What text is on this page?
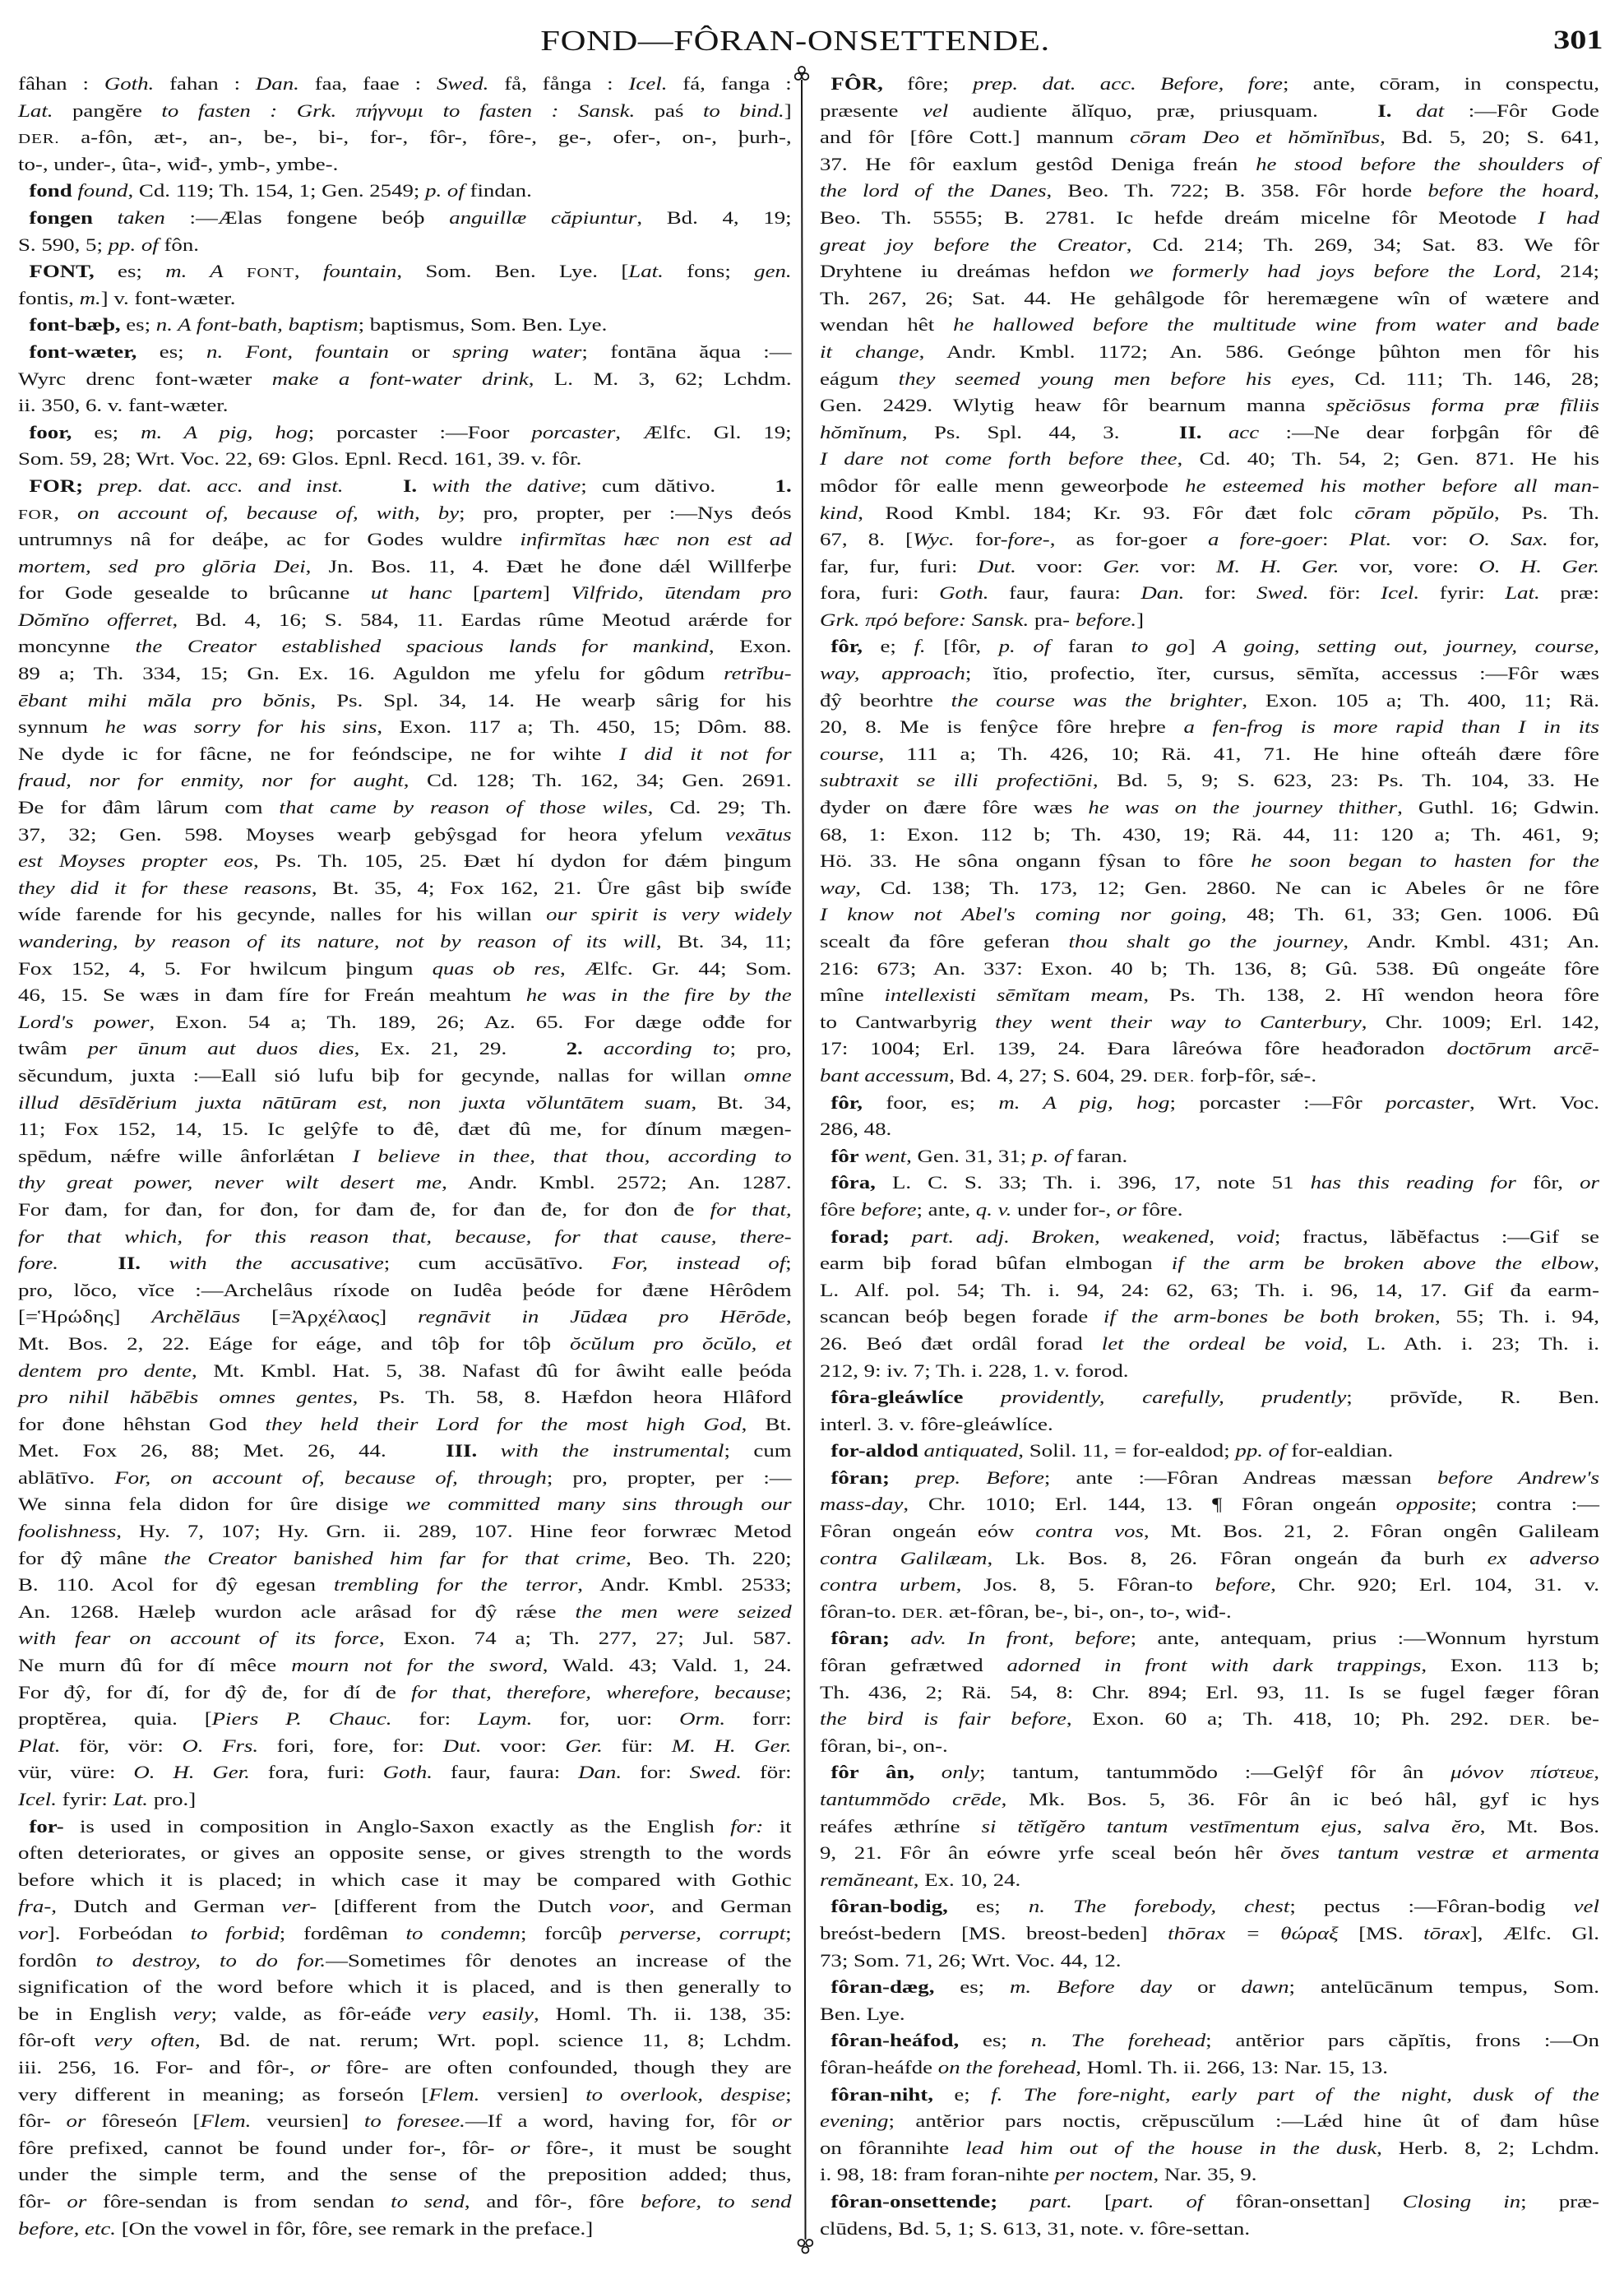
FOND—FÔRAN-ONSETTENDE.	301
fâhan : Goth. fahan : Dan. faa, faae : Swed. få, fånga : Icel. fá, fanga :
Lat. pangĕre to fasten : Grk. πήγνυμι to fasten : Sansk. paś to bind.]
DER. a-fôn, æt-, an-, be-, bi-, for-, fôr-, fôre-, ge-, ofer-, on-, þurh-,
to-, under-, ûta-, wiđ-, ymb-, ymbe-.
fond found, Cd. 119; Th. 154, 1; Gen. 2549; p. of findan.
fongen taken :—Ælas fongene beóþ anguillæ căpiuntur, Bd. 4, 19;
S. 590, 5; pp. of fôn.
FONT, es; m. A FONT, fountain, Som. Ben. Lye. [Lat. fons; gen.
fontis, m.] v. font-wæter.
font-bæþ, es; n. A font-bath, baptism; baptismus, Som. Ben. Lye.
font-wæter, es; n. Font, fountain or spring water; fontāna ăqua :—
Wyrc drenc font-wæter make a font-water drink, L. M. 3, 62; Lchdm.
ii. 350, 6. v. fant-wæter.
foor, es; m. A pig, hog; porcaster :—Foor porcaster, Ælfc. Gl. 19;
Som. 59, 28; Wrt. Voc. 22, 69: Glos. Epnl. Recd. 161, 39. v. fôr.
FOR; prep. dat. acc. and inst.	I. with the dative; cum dătivo.	1.
FOR, on account of, because of, with, by; pro, propter, per :—Nys đeós
untrumnys nâ for deáþe, ac for Godes wuldre infirmĭtas hæc non est ad
mortem, sed pro glōria Dei, Jn. Bos. 11, 4. Đæt he đone dǽl Willferþe
for Gode gesealde to brûcanne ut hanc [partem] Vilfrido, ūtendam pro
Dŏmĭno offerret, Bd. 4, 16; S. 584, 11. Eardas rûme Meotud arǽrde for
moncynne the Creator established spacious lands for mankind, Exon.
89 a; Th. 334, 15; Gn. Ex. 16. Aguldon me yfelu for gôdum retrĭbu-
ēbant mihi măla pro bŏnis, Ps. Spl. 34, 14. He wearþ sârig for his
synnum he was sorry for his sins, Exon. 117 a; Th. 450, 15; Dôm. 88.
Ne dyde ic for fâcne, ne for feóndscipe, ne for wihte I did it not for
fraud, nor for enmity, nor for aught, Cd. 128; Th. 162, 34; Gen. 2691.
Đe for đâm lârum com that came by reason of those wiles, Cd. 29; Th.
37, 32; Gen. 598. Moyses wearþ gebŷsgad for heora yfelum vexātus
est Moyses propter eos, Ps. Th. 105, 25. Đæt hí dydon for đǽm þingum
they did it for these reasons, Bt. 35, 4; Fox 162, 21. Ûre gâst biþ swíđe
wíde farende for his gecynde, nalles for his willan our spirit is very widely
wandering, by reason of its nature, not by reason of its will, Bt. 34, 11;
Fox 152, 4, 5. For hwilcum þingum quas ob res, Ælfc. Gr. 44; Som.
46, 15. Se wæs in đam fíre for Freán meahtum he was in the fire by the
Lord's power, Exon. 54 a; Th. 189, 26; Az. 65. For dæge ođđe for
twâm per ūnum aut duos dies, Ex. 21, 29.	2. according to; pro,
sĕcundum, juxta :—Eall sió lufu biþ for gecynde, nallas for willan omne
illud dēsīdĕrium juxta nātūram est, non juxta vŏluntātem suam, Bt. 34,
11; Fox 152, 14, 15. Ic gelŷfe to đê, đæt đû me, for đínum mægen-
spēdum, nǽfre wille ânforlǽtan I believe in thee, that thou, according to
thy great power, never wilt desert me, Andr. Kmbl. 2572; An. 1287.
For đam, for đan, for đon, for đam đe, for đan đe, for đon đe for that,
for that which, for this reason that, because, for that cause, there-
fore.	II. with the accusative; cum accūsātīvo. For, instead of;
pro, lŏco, vĭce :—Archelâus ríxode on Iudêa þeóde for đæne Hêrôdem
[=Ἡρώδης] Archĕlāus [=Ἀρχέλαος] regnāvit in Jūdæa pro Hērōde,
Mt. Bos. 2, 22. Eáge for eáge, and tôþ for tôþ ŏcŭlum pro ŏcŭlo, et
dentem pro dente, Mt. Kmbl. Hat. 5, 38. Nafast đû for âwiht ealle þeóda
pro nihil hăbēbis omnes gentes, Ps. Th. 58, 8. Hæfdon heora Hlâford
for đone hêhstan God they held their Lord for the most high God, Bt.
Met. Fox 26, 88; Met. 26, 44.	III. with the instrumental; cum
ablātīvo. For, on account of, because of, through; pro, propter, per :—
We sinna fela didon for ûre disige we committed many sins through our
foolishness, Hy. 7, 107; Hy. Grn. ii. 289, 107. Hine feor forwræc Metod
for đŷ mâne the Creator banished him far for that crime, Beo. Th. 220;
B. 110. Acol for đŷ egesan trembling for the terror, Andr. Kmbl. 2533;
An. 1268. Hæleþ wurdon acle arâsad for đŷ rǽse the men were seized
with fear on account of its force, Exon. 74 a; Th. 277, 27; Jul. 587.
Ne murn đû for đí mêce mourn not for the sword, Wald. 43; Vald. 1, 24.
For đŷ, for đí, for đŷ đe, for đí đe for that, therefore, wherefore, because;
proptĕrea, quia. [Piers P. Chauc. for: Laym. for, uor: Orm. forr:
Plat. för, vör: O. Frs. fori, fore, for: Dut. voor: Ger. für: M. H. Ger.
vür, vüre: O. H. Ger. fora, furi: Goth. faur, faura: Dan. for: Swed. för:
Icel. fyrir: Lat. pro.]
for- is used in composition in Anglo-Saxon exactly as the English for: it
often deteriorates, or gives an opposite sense, or gives strength to the words
before which it is placed; in which case it may be compared with Gothic
fra-, Dutch and German ver- [different from the Dutch voor, and German
vor]. Forbeódan to forbid; fordêman to condemn; forcûþ perverse, corrupt;
fordôn to destroy, to do for.—Sometimes fôr denotes an increase of the
signification of the word before which it is placed, and is then generally to
be in English very; valde, as fôr-eáđe very easily, Homl. Th. ii. 138, 35:
fôr-oft very often, Bd. de nat. rerum; Wrt. popl. science 11, 8; Lchdm.
iii. 256, 16. For- and fôr-, or fôre- are often confounded, though they are
very different in meaning; as forseón [Flem. versien] to overlook, despise;
fôr- or fôreseón [Flem. veursien] to foresee.—If a word, having for, fôr or
fôre prefixed, cannot be found under for-, fôr- or fôre-, it must be sought
under the simple term, and the sense of the preposition added; thus,
fôr- or fôre-sendan is from sendan to send, and fôr-, fôre before, to send
before, etc. [On the vowel in fôr, fôre, see remark in the preface.]
FÔR, fôre; prep. dat. acc. Before, fore; ante, cōram, in conspectu,
præsente vel audiente ălĭquo, præ, priusquam.	I. dat :—Fôr Gode
and fôr [fôre Cott.] mannum cōram Deo et hŏmĭnĭbus, Bd. 5, 20; S. 641,
37. He fôr eaxlum gestôd Deniga freán he stood before the shoulders of
the lord of the Danes, Beo. Th. 722; B. 358. Fôr horde before the hoard,
Beo. Th. 5555; B. 2781. Ic hefde dreám micelne fôr Meotode I had
great joy before the Creator, Cd. 214; Th. 269, 34; Sat. 83. We fôr
Dryhtene iu dreámas hefdon we formerly had joys before the Lord, 214;
Th. 267, 26; Sat. 44. He gehâlgode fôr heremægene wîn of wætere and
wendan hêt he hallowed before the multitude wine from water and bade
it change, Andr. Kmbl. 1172; An. 586. Geónge þûhton men fôr his
eágum they seemed young men before his eyes, Cd. 111; Th. 146, 28;
Gen. 2429. Wlytig heaw fôr bearnum manna spĕciōsus forma præ fīliis
hŏmĭnum, Ps. Spl. 44, 3.	II. acc :—Ne dear forþgân fôr đê
I dare not come forth before thee, Cd. 40; Th. 54, 2; Gen. 871. He his
môdor fôr ealle menn geweorþode he esteemed his mother before all man-
kind, Rood Kmbl. 184; Kr. 93. Fôr đæt folc cōram pŏpŭlo, Ps. Th.
67, 8. [Wyc. for-fore-, as for-goer a fore-goer: Plat. vor: O. Sax. for,
far, fur, furi: Dut. voor: Ger. vor: M. H. Ger. vor, vore: O. H. Ger.
fora, furi: Goth. faur, faura: Dan. for: Swed. för: Icel. fyrir: Lat. præ:
Grk. πρό before: Sansk. pra- before.]
fôr, e; f. [fôr, p. of faran to go] A going, setting out, journey, course,
way, approach; ĭtio, profectio, ĭter, cursus, sēmĭta, accessus :—Fôr wæs
đŷ beorhtre the course was the brighter, Exon. 105 a; Th. 400, 11; Rä.
20, 8. Me is fenŷce fôre hreþre a fen-frog is more rapid than I in its
course, 111 a; Th. 426, 10; Rä. 41, 71. He hine ofteáh đære fôre
subtraxit se illi profectiōni, Bd. 5, 9; S. 623, 23: Ps. Th. 104, 33. He
đyder on đære fôre wæs he was on the journey thither, Guthl. 16; Gdwin.
68, 1: Exon. 112 b; Th. 430, 19; Rä. 44, 11: 120 a; Th. 461, 9;
Hö. 33. He sôna ongann fŷsan to fôre he soon began to hasten for the
way, Cd. 138; Th. 173, 12; Gen. 2860. Ne can ic Abeles ôr ne fôre
I know not Abel's coming nor going, 48; Th. 61, 33; Gen. 1006. Đû
scealt đa fôre geferan thou shalt go the journey, Andr. Kmbl. 431; An.
216: 673; An. 337: Exon. 40 b; Th. 136, 8; Gû. 538. Đû ongeáte fôre
mîne intellexisti sēmĭtam meam, Ps. Th. 138, 2. Hî wendon heora fôre
to Cantwarbyrig they went their way to Canterbury, Chr. 1009; Erl. 142,
17: 1004; Erl. 139, 24. Đara lâreówa fôre heađoradon doctōrum arcē-
bant accessum, Bd. 4, 27; S. 604, 29. DER. forþ-fôr, sǽ-.
fôr, foor, es; m. A pig, hog; porcaster :—Fôr porcaster, Wrt. Voc.
286, 48.
fôr went, Gen. 31, 31; p. of faran.
fôra, L. C. S. 33; Th. i. 396, 17, note 51 has this reading for fôr, or
fôre before; ante, q. v. under for-, or fôre.
forad; part. adj. Broken, weakened, void; fractus, lăbĕfactus :—Gif se
earm biþ forad bûfan elmbogan if the arm be broken above the elbow,
L. Alf. pol. 54; Th. i. 94, 24: 62, 63; Th. i. 96, 14, 17. Gif đa earm-
scancan beóþ begen forade if the arm-bones be both broken, 55; Th. i. 94,
26. Beó đæt ordâl forad let the ordeal be void, L. Ath. i. 23; Th. i.
212, 9: iv. 7; Th. i. 228, 1. v. forod.
fôra-gleáwlíce providently, carefully, prudently; prōvĭde, R. Ben.
interl. 3. v. fôre-gleáwlíce.
for-aldod antiquated, Solil. 11, = for-ealdod; pp. of for-ealdian.
fôran; prep. Before; ante :—Fôran Andreas mæssan before Andrew's
mass-day, Chr. 1010; Erl. 144, 13. ¶ Fôran ongeán opposite; contra :—
Fôran ongeán eów contra vos, Mt. Bos. 21, 2. Fôran ongên Galileam
contra Galilæam, Lk. Bos. 8, 26. Fôran ongeán đa burh ex adverso
contra urbem, Jos. 8, 5. Fôran-to before, Chr. 920; Erl. 104, 31. v.
fôran-to. DER. æt-fôran, be-, bi-, on-, to-, wiđ-.
fôran; adv. In front, before; ante, antequam, prius :—Wonnum hyrstum
fôran gefrætwed adorned in front with dark trappings, Exon. 113 b;
Th. 436, 2; Rä. 54, 8: Chr. 894; Erl. 93, 11. Is se fugel fæger fôran
the bird is fair before, Exon. 60 a; Th. 418, 10; Ph. 292. DER. be-
fôran, bi-, on-.
fôr ân, only; tantum, tantummŏdo :—Gelŷf fôr ân μόνον πίστευε,
tantummŏdo crēde, Mk. Bos. 5, 36. Fôr ân ic beó hâl, gyf ic hys
reáfes æthríne si tĕtĭgĕro tantum vestīmentum ejus, salva ĕro, Mt. Bos.
9, 21. Fôr ân eówre yrfe sceal beón hêr ŏves tantum vestræ et armenta
remăneant, Ex. 10, 24.
fôran-bodig, es; n. The forebody, chest; pectus :—Fôran-bodig vel
breóst-bedern [MS. breost-beden] thōrax = θώραξ [MS. tōrax], Ælfc. Gl.
73; Som. 71, 26; Wrt. Voc. 44, 12.
fôran-dæg, es; m. Before day or dawn; antelūcānum tempus, Som.
Ben. Lye.
fôran-heáfod, es; n. The forehead; antĕrior pars căpĭtis, frons :—On
fôran-heáfde on the forehead, Homl. Th. ii. 266, 13: Nar. 15, 13.
fôran-niht, e; f. The fore-night, early part of the night, dusk of the
evening; antĕrior pars noctis, crĕpuscŭlum :—Lǽd hine ût of đam hûse
on fôrannihte lead him out of the house in the dusk, Herb. 8, 2; Lchdm.
i. 98, 18: fram foran-nihte per noctem, Nar. 35, 9.
fôran-onsettende; part. [part. of fôran-onsettan] Closing in; præ-
clūdens, Bd. 5, 1; S. 613, 31, note. v. fôre-settan.
